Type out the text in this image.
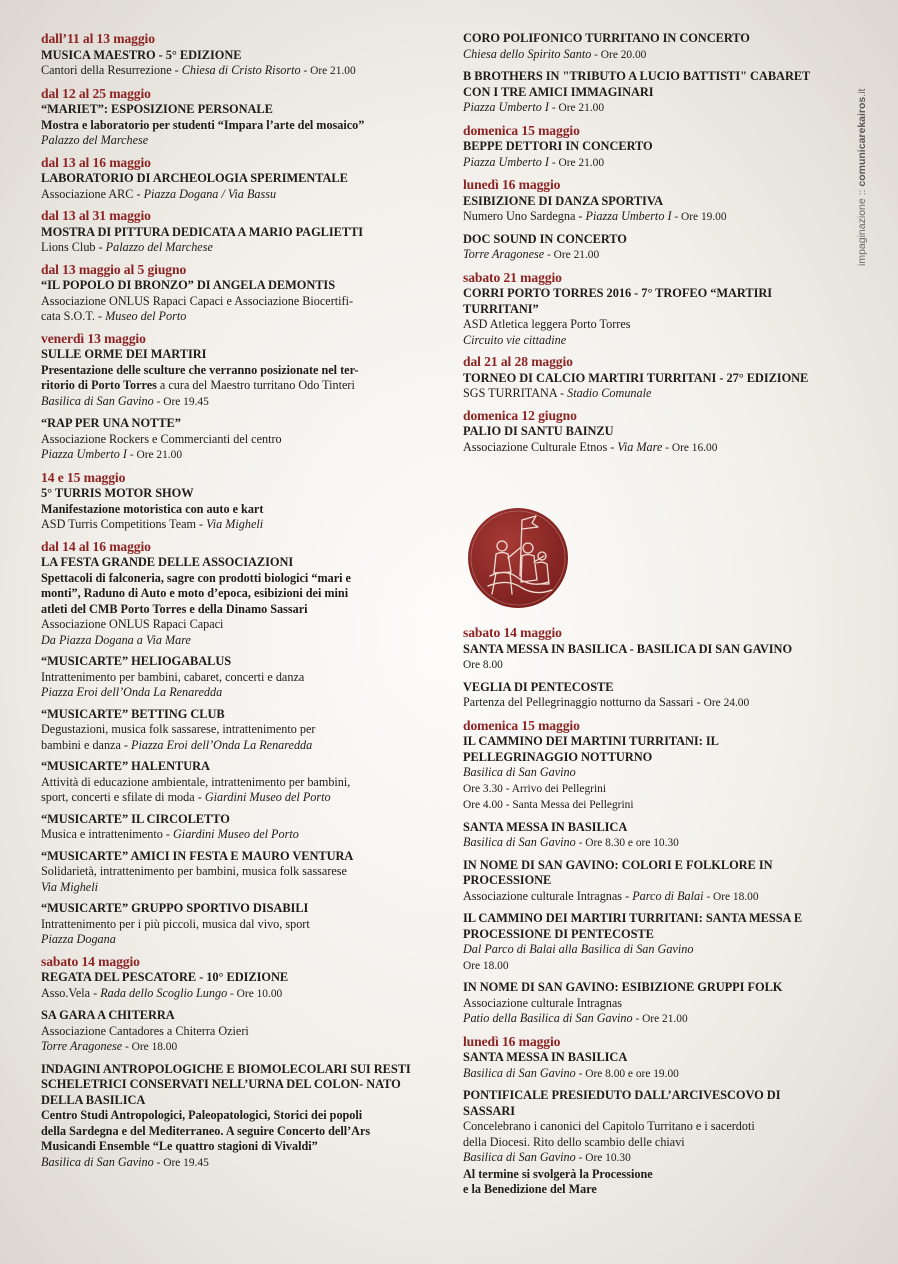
dall’11 al 13 maggio
MUSICA MAESTRO - 5° EDIZIONE
Cantori della Resurrezione - Chiesa di Cristo Risorto - Ore 21.00
dal 12 al 25 maggio
“MARIET”: ESPOSIZIONE PERSONALE
Mostra e laboratorio per studenti “Impara l’arte del mosaico”
Palazzo del Marchese
dal 13 al 16 maggio
LABORATORIO DI ARCHEOLOGIA SPERIMENTALE
Associazione ARC - Piazza Dogana / Via Bassu
dal 13 al 31 maggio
MOSTRA DI PITTURA DEDICATA A MARIO PAGLIETTI
Lions Club - Palazzo del Marchese
dal 13 maggio al 5 giugno
“IL POPOLO DI BRONZO” DI ANGELA DEMONTIS
Associazione ONLUS Rapaci Capaci e Associazione Biocertifi-
cata S.O.T. - Museo del Porto
venerdì 13 maggio
SULLE ORME DEI MARTIRI
Presentazione delle sculture che verranno posizionate nel ter-
ritorio di Porto Torres a cura del Maestro turritano Odo Tinteri
Basilica di San Gavino - Ore 19.45
“RAP PER UNA NOTTE”
Associazione Rockers e Commercianti del centro
Piazza Umberto I - Ore 21.00
14 e 15 maggio
5° TURRIS MOTOR SHOW
Manifestazione motoristica con auto e kart
ASD Turris Competitions Team - Via Migheli
dal 14 al 16 maggio
LA FESTA GRANDE DELLE ASSOCIAZIONI
Spettacoli di falconeria, sagre con prodotti biologici “mari e
monti”, Raduno di Auto e moto d’epoca, esibizioni dei mini
atleti del CMB Porto Torres e della Dinamo Sassari
Associazione ONLUS Rapaci Capaci
Da Piazza Dogana a Via Mare
“MUSICARTE” HELIOGABALUS
Intrattenimento per bambini, cabaret, concerti e danza
Piazza Eroi dell’Onda La Renaredda
“MUSICARTE” BETTING CLUB
Degustazioni, musica folk sassarese, intrattenimento per
bambini e danza - Piazza Eroi dell’Onda La Renaredda
“MUSICARTE” HALENTURA
Attività di educazione ambientale, intrattenimento per bambini,
sport, concerti e sfilate di moda - Giardini Museo del Porto
“MUSICARTE” IL CIRCOLETTO
Musica e intrattenimento - Giardini Museo del Porto
“MUSICARTE” AMICI IN FESTA E MAURO VENTURA
Solidarietà, intrattenimento per bambini, musica folk sassarese
Via Migheli
“MUSICARTE” GRUPPO SPORTIVO DISABILI
Intrattenimento per i più piccoli, musica dal vivo, sport
Piazza Dogana
sabato 14 maggio
REGATA DEL PESCATORE - 10° EDIZIONE
Asso.Vela - Rada dello Scoglio Lungo - Ore 10.00
SA GARA A CHITERRA
Associazione Cantadores a Chiterra Ozieri
Torre Aragonese - Ore 18.00
INDAGINI ANTROPOLOGICHE E BIOMOLECOLARI SUI RESTI SCHELETRICI CONSERVATI NELL’URNA DEL COLON- NATO DELLA BASILICA
Centro Studi Antropologici, Paleopatologici, Storici dei popoli
della Sardegna e del Mediterraneo. A seguire Concerto dell’Ars
Musicandi Ensemble “Le quattro stagioni di Vivaldi”
Basilica di San Gavino - Ore 19.45
CORO POLIFONICO TURRITANO IN CONCERTO
Chiesa dello Spirito Santo - Ore 20.00
B BROTHERS IN "TRIBUTO A LUCIO BATTISTI" CABARET CON I TRE AMICI IMMAGINARI
Piazza Umberto I - Ore 21.00
domenica 15 maggio
BEPPE DETTORI IN CONCERTO
Piazza Umberto I - Ore 21.00
lunedì 16 maggio
ESIBIZIONE DI DANZA SPORTIVA
Numero Uno Sardegna - Piazza Umberto I - Ore 19.00
DOC SOUND IN CONCERTO
Torre Aragonese - Ore 21.00
sabato 21 maggio
CORRI PORTO TORRES 2016 - 7° TROFEO “MARTIRI TURRITANI”
ASD Atletica leggera Porto Torres
Circuito vie cittadine
dal 21 al 28 maggio
TORNEO DI CALCIO MARTIRI TURRITANI - 27° EDIZIONE
SGS TURRITANA - Stadio Comunale
domenica 12 giugno
PALIO DI SANTU BAINZU
Associazione Culturale Etnos - Via Mare - Ore 16.00
sabato 14 maggio
SANTA MESSA IN BASILICA - BASILICA DI SAN GAVINO
Ore 8.00
VEGLIA DI PENTECOSTE
Partenza del Pellegrinaggio notturno da Sassari - Ore 24.00
domenica 15 maggio
IL CAMMINO DEI MARTINI TURRITANI: IL PELLEGRINAGGIO NOTTURNO
Basilica di San Gavino
Ore 3.30 - Arrivo dei Pellegrini
Ore 4.00 - Santa Messa dei Pellegrini
SANTA MESSA IN BASILICA
Basilica di San Gavino - Ore 8.30 e ore 10.30
IN NOME DI SAN GAVINO: COLORI E FOLKLORE IN PROCESSIONE
Associazione culturale Intragnas - Parco di Balai - Ore 18.00
IL CAMMINO DEI MARTIRI TURRITANI: SANTA MESSA E PROCESSIONE DI PENTECOSTE
Dal Parco di Balai alla Basilica di San Gavino
Ore 18.00
IN NOME DI SAN GAVINO: ESIBIZIONE GRUPPI FOLK
Associazione culturale Intragnas
Patio della Basilica di San Gavino - Ore 21.00
lunedì 16 maggio
SANTA MESSA IN BASILICA
Basilica di San Gavino - Ore 8.00 e ore 19.00
PONTIFICALE PRESIEDUTO DALL’ARCIVESCOVO DI SASSARI
Concelebrano i canonici del Capitolo Turritano e i sacerdoti
della Diocesi. Rito dello scambio delle chiavi
Basilica di San Gavino - Ore 10.30
Al termine si svolgerà la Processione
e la Benedizione del Mare
impaginazione :: comunicarekairos.it
